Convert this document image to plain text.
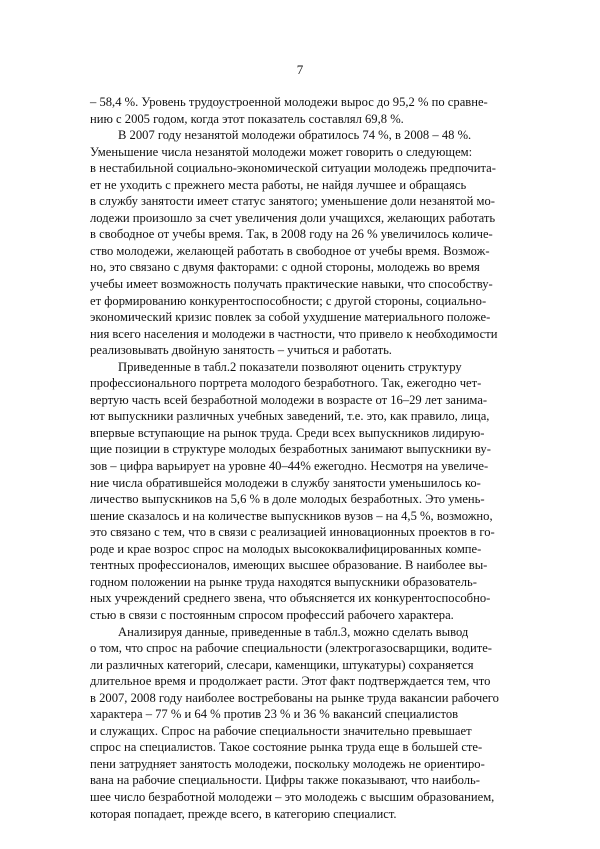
7
– 58,4 %. Уровень трудоустроенной молодежи вырос до 95,2 % по сравне-
нию с 2005 годом, когда этот показатель составлял 69,8 %.
В 2007 году незанятой молодежи обратилось 74 %, в 2008 – 48 %.
Уменьшение числа незанятой молодежи может говорить о следующем:
в нестабильной социально-экономической ситуации молодежь предпочита-
ет не уходить с прежнего места работы, не найдя лучшее и обращаясь
в службу занятости имеет статус занятого; уменьшение доли незанятой мо-
лодежи произошло за счет увеличения доли учащихся, желающих работать
в свободное от учебы время. Так, в 2008 году на 26 % увеличилось количе-
ство молодежи, желающей работать в свободное от учебы время. Возмож-
но, это связано с двумя факторами: с одной стороны, молодежь во время
учебы имеет возможность получать практические навыки, что способству-
ет формированию конкурентоспособности; с другой стороны, социально-
экономический кризис повлек за собой ухудшение материального положе-
ния всего населения и молодежи в частности, что привело к необходимости
реализовывать двойную занятость – учиться и работать.
Приведенные в табл.2 показатели позволяют оценить структуру
профессионального портрета молодого безработного. Так, ежегодно чет-
вертую часть всей безработной молодежи в возрасте от 16–29 лет занима-
ют выпускники различных учебных заведений, т.е. это, как правило, лица,
впервые вступающие на рынок труда. Среди всех выпускников лидирую-
щие позиции в структуре молодых безработных занимают выпускники ву-
зов – цифра варьирует на уровне 40–44% ежегодно. Несмотря на увеличе-
ние числа обратившейся молодежи в службу занятости уменьшилось ко-
личество выпускников на 5,6 % в доле молодых безработных. Это умень-
шение сказалось и на количестве выпускников вузов – на 4,5 %, возможно,
это связано с тем, что в связи с реализацией инновационных проектов в го-
роде и крае возрос спрос на молодых высококвалифицированных компе-
тентных профессионалов, имеющих высшее образование. В наиболее вы-
годном положении на рынке труда находятся выпускники образователь-
ных учреждений среднего звена, что объясняется их конкурентоспособно-
стью в связи с постоянным спросом профессий рабочего характера.
Анализируя данные, приведенные в табл.3, можно сделать вывод
о том, что спрос на рабочие специальности (электрогазосварщики, водите-
ли различных категорий, слесари, каменщики, штукатуры) сохраняется
длительное время и продолжает расти. Этот факт подтверждается тем, что
в 2007, 2008 году наиболее востребованы на рынке труда вакансии рабочего
характера – 77 % и 64 % против 23 % и 36 % вакансий специалистов
и служащих. Спрос на рабочие специальности значительно превышает
спрос на специалистов. Такое состояние рынка труда еще в большей сте-
пени затрудняет занятость молодежи, поскольку молодежь не ориентиро-
вана на рабочие специальности. Цифры также показывают, что наиболь-
шее число безработной молодежи – это молодежь с высшим образованием,
которая попадает, прежде всего, в категорию специалист.
